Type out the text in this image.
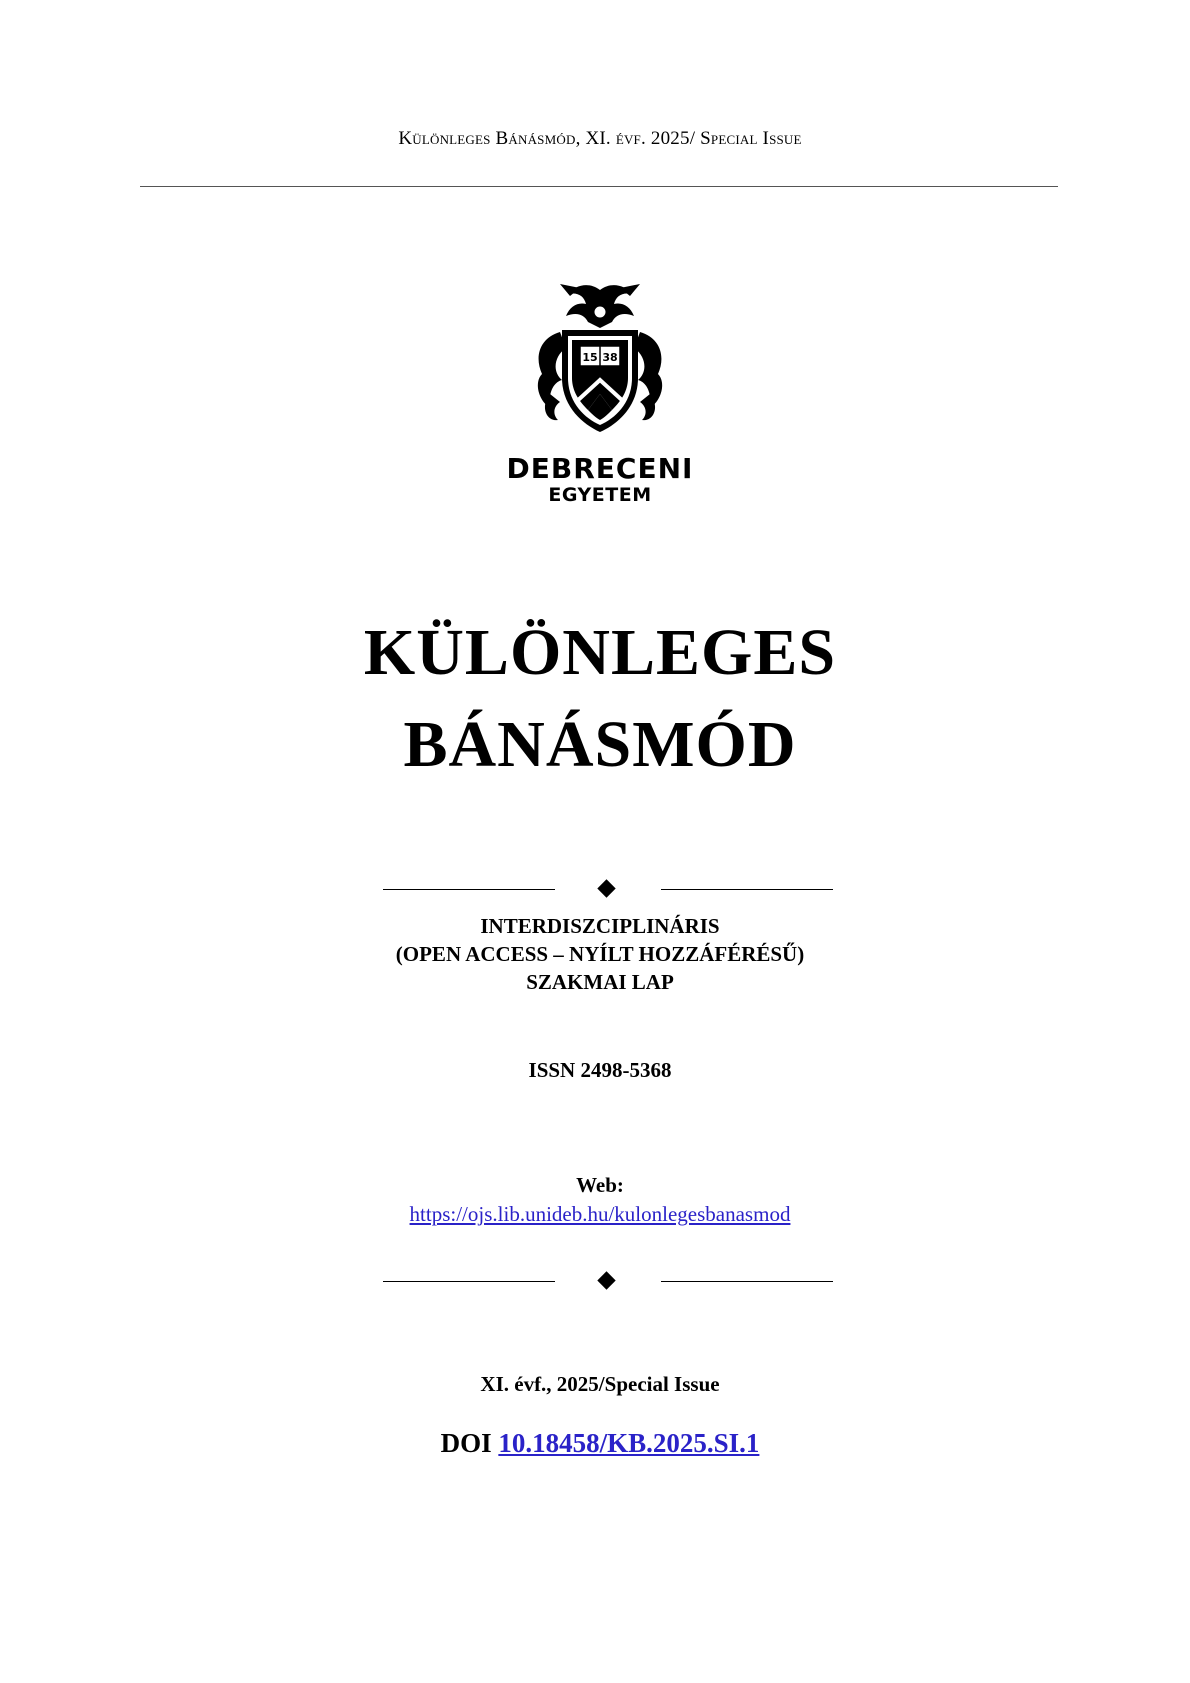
Különleges Bánásmód, XI. évf. 2025/ Special Issue
15 38
DEBRECENI
EGYETEM
KÜLÖNLEGES
BÁNÁSMÓD
INTERDISZCIPLINÁRIS
(OPEN ACCESS – NYÍLT HOZZÁFÉRÉSŰ)
SZAKMAI LAP
ISSN 2498-5368
Web:
https://ojs.lib.unideb.hu/kulonlegesbanasmod
XI. évf., 2025/Special Issue
DOI 10.18458/KB.2025.SI.1
